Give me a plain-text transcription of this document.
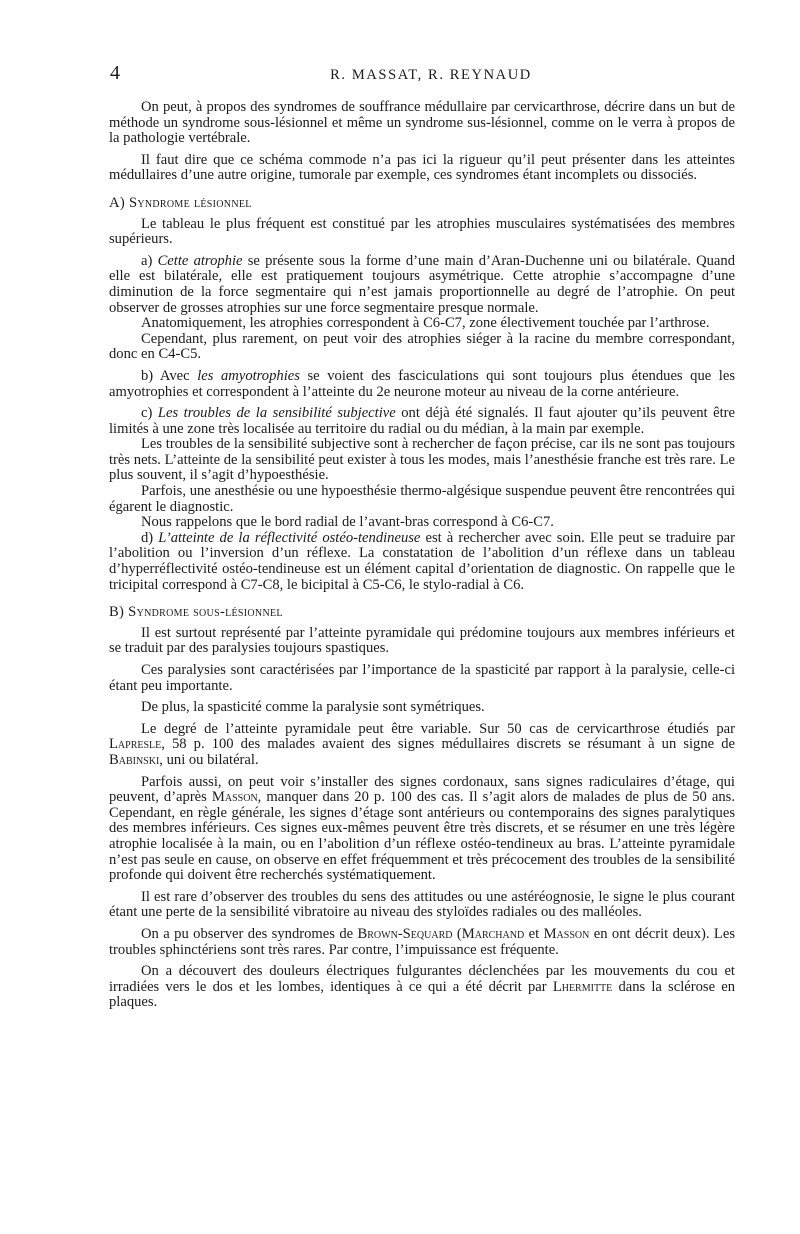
4	R. MASSAT, R. REYNAUD

On peut, à propos des syndromes de souffrance médullaire par cervicarthrose, décrire dans un but de méthode un syndrome sous-lésionnel et même un syndrome sus-lésionnel, comme on le verra à propos de la pathologie vertébrale.

Il faut dire que ce schéma commode n’a pas ici la rigueur qu’il peut présenter dans les atteintes médullaires d’une autre origine, tumorale par exemple, ces syndromes étant incomplets ou dissociés.

A) Syndrome lésionnel

Le tableau le plus fréquent est constitué par les atrophies musculaires systématisées des membres supérieurs.

a) Cette atrophie se présente sous la forme d’une main d’Aran-Duchenne uni ou bilatérale. Quand elle est bilatérale, elle est pratiquement toujours asymétrique. Cette atrophie s’accompagne d’une diminution de la force segmentaire qui n’est jamais proportionnelle au degré de l’atrophie. On peut observer de grosses atrophies sur une force segmentaire presque normale.

Anatomiquement, les atrophies correspondent à C6-C7, zone électivement touchée par l’arthrose.

Cependant, plus rarement, on peut voir des atrophies siéger à la racine du membre correspondant, donc en C4-C5.

b) Avec les amyotrophies se voient des fasciculations qui sont toujours plus étendues que les amyotrophies et correspondent à l’atteinte du 2e neurone moteur au niveau de la corne antérieure.

c) Les troubles de la sensibilité subjective ont déjà été signalés. Il faut ajouter qu’ils peuvent être limités à une zone très localisée au territoire du radial ou du médian, à la main par exemple.

Les troubles de la sensibilité subjective sont à rechercher de façon précise, car ils ne sont pas toujours très nets. L’atteinte de la sensibilité peut exister à tous les modes, mais l’anesthésie franche est très rare. Le plus souvent, il s’agit d’hypoesthésie.

Parfois, une anesthésie ou une hypoesthésie thermo-algésique suspendue peuvent être rencontrées qui égarent le diagnostic.

Nous rappelons que le bord radial de l’avant-bras correspond à C6-C7.

d) L’atteinte de la réflectivité ostéo-tendineuse est à rechercher avec soin. Elle peut se traduire par l’abolition ou l’inversion d’un réflexe. La constatation de l’abolition d’un réflexe dans un tableau d’hyperréflectivité ostéo-tendineuse est un élément capital d’orientation de diagnostic. On rappelle que le tricipital correspond à C7-C8, le bicipital à C5-C6, le stylo-radial à C6.

B) Syndrome sous-lésionnel

Il est surtout représenté par l’atteinte pyramidale qui prédomine toujours aux membres inférieurs et se traduit par des paralysies toujours spastiques.

Ces paralysies sont caractérisées par l’importance de la spasticité par rapport à la paralysie, celle-ci étant peu importante.

De plus, la spasticité comme la paralysie sont symétriques.

Le degré de l’atteinte pyramidale peut être variable. Sur 50 cas de cervicarthrose étudiés par Lapresle, 58 p. 100 des malades avaient des signes médullaires discrets se résumant à un signe de Babinski, uni ou bilatéral.

Parfois aussi, on peut voir s’installer des signes cordonaux, sans signes radiculaires d’étage, qui peuvent, d’après Masson, manquer dans 20 p. 100 des cas. Il s’agit alors de malades de plus de 50 ans. Cependant, en règle générale, les signes d’étage sont antérieurs ou contemporains des signes paralytiques des membres inférieurs. Ces signes eux-mêmes peuvent être très discrets, et se résumer en une très légère atrophie localisée à la main, ou en l’abolition d’un réflexe ostéo-tendineux au bras. L’atteinte pyramidale n’est pas seule en cause, on observe en effet fréquemment et très précocement des troubles de la sensibilité profonde qui doivent être recherchés systématiquement.

Il est rare d’observer des troubles du sens des attitudes ou une astéréognosie, le signe le plus courant étant une perte de la sensibilité vibratoire au niveau des styloïdes radiales ou des malléoles.

On a pu observer des syndromes de Brown-Sequard (Marchand et Masson en ont décrit deux). Les troubles sphinctériens sont très rares. Par contre, l’impuissance est fréquente.

On a découvert des douleurs électriques fulgurantes déclenchées par les mouvements du cou et irradiées vers le dos et les lombes, identiques à ce qui a été décrit par Lhermitte dans la sclérose en plaques.
